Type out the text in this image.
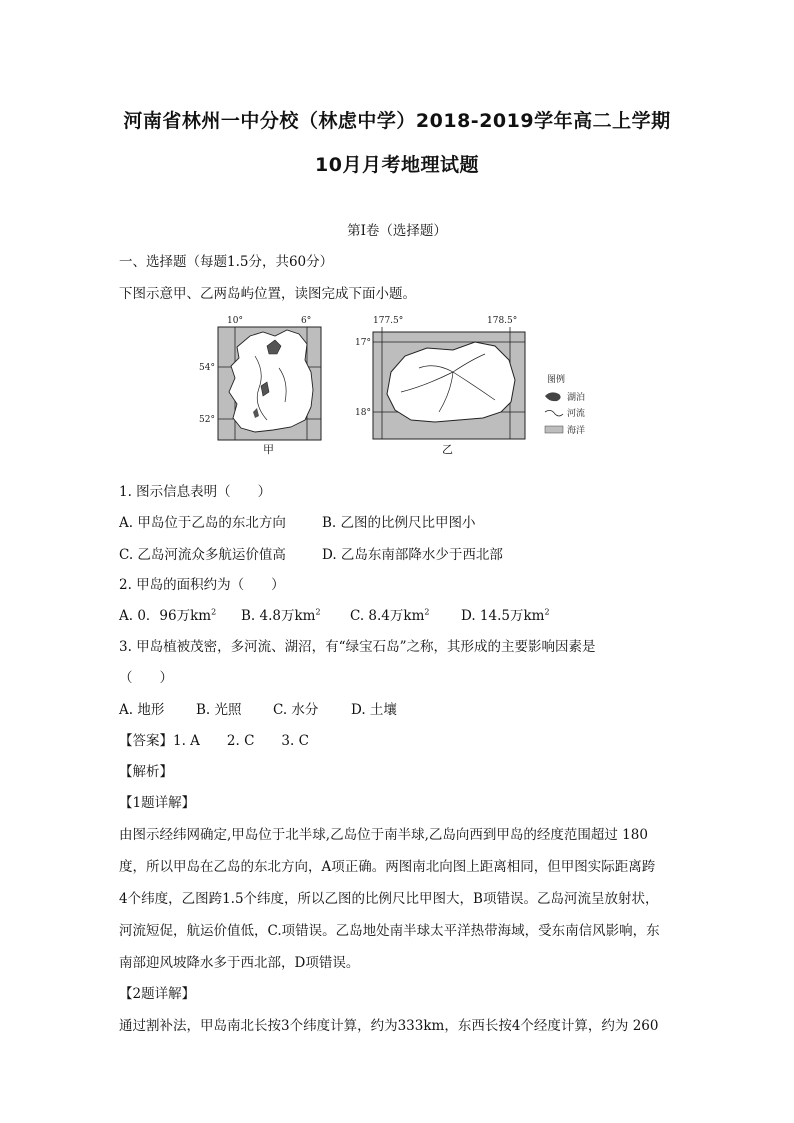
河南省林州一中分校（林虑中学）2018-2019学年高二上学期
10月月考地理试题
第I卷（选择题）
一、选择题（每题1.5分，共60分）
下图示意甲、乙两岛屿位置，读图完成下面小题。
10°	6°
54°
52°
甲
177.5°	178.5°
17°
18°
乙
图例
湖泊
河流
海洋
1. 图示信息表明（　　）
A. 甲岛位于乙岛的东北方向	B. 乙图的比例尺比甲图小
C. 乙岛河流众多航运价值高	D. 乙岛东南部降水少于西北部
2. 甲岛的面积约为（　　）
A. 0．96万$km^2$ B. 4.8万$km^2$ C. 8.4万$km^2$ D. 14.5万$km^2$
3. 甲岛植被茂密，多河流、湖沼，有“绿宝石岛”之称，其形成的主要影响因素是
（　　）
A. 地形 B. 光照 C. 水分 D. 土壤
【答案】1. A　　2. C　　3. C
【解析】
【1题详解】
由图示经纬网确定,甲岛位于北半球,乙岛位于南半球,乙岛向西到甲岛的经度范围超过 180
度，所以甲岛在乙岛的东北方向，A项正确。两图南北向图上距离相同，但甲图实际距离跨
4个纬度，乙图跨1.5个纬度，所以乙图的比例尺比甲图大，B项错误。乙岛河流呈放射状，
河流短促，航运价值低，C.项错误。乙岛地处南半球太平洋热带海域，受东南信风影响，东
南部迎风坡降水多于西北部，D项错误。
【2题详解】
通过割补法，甲岛南北长按3个纬度计算，约为333km，东西长按4个经度计算，约为 260
